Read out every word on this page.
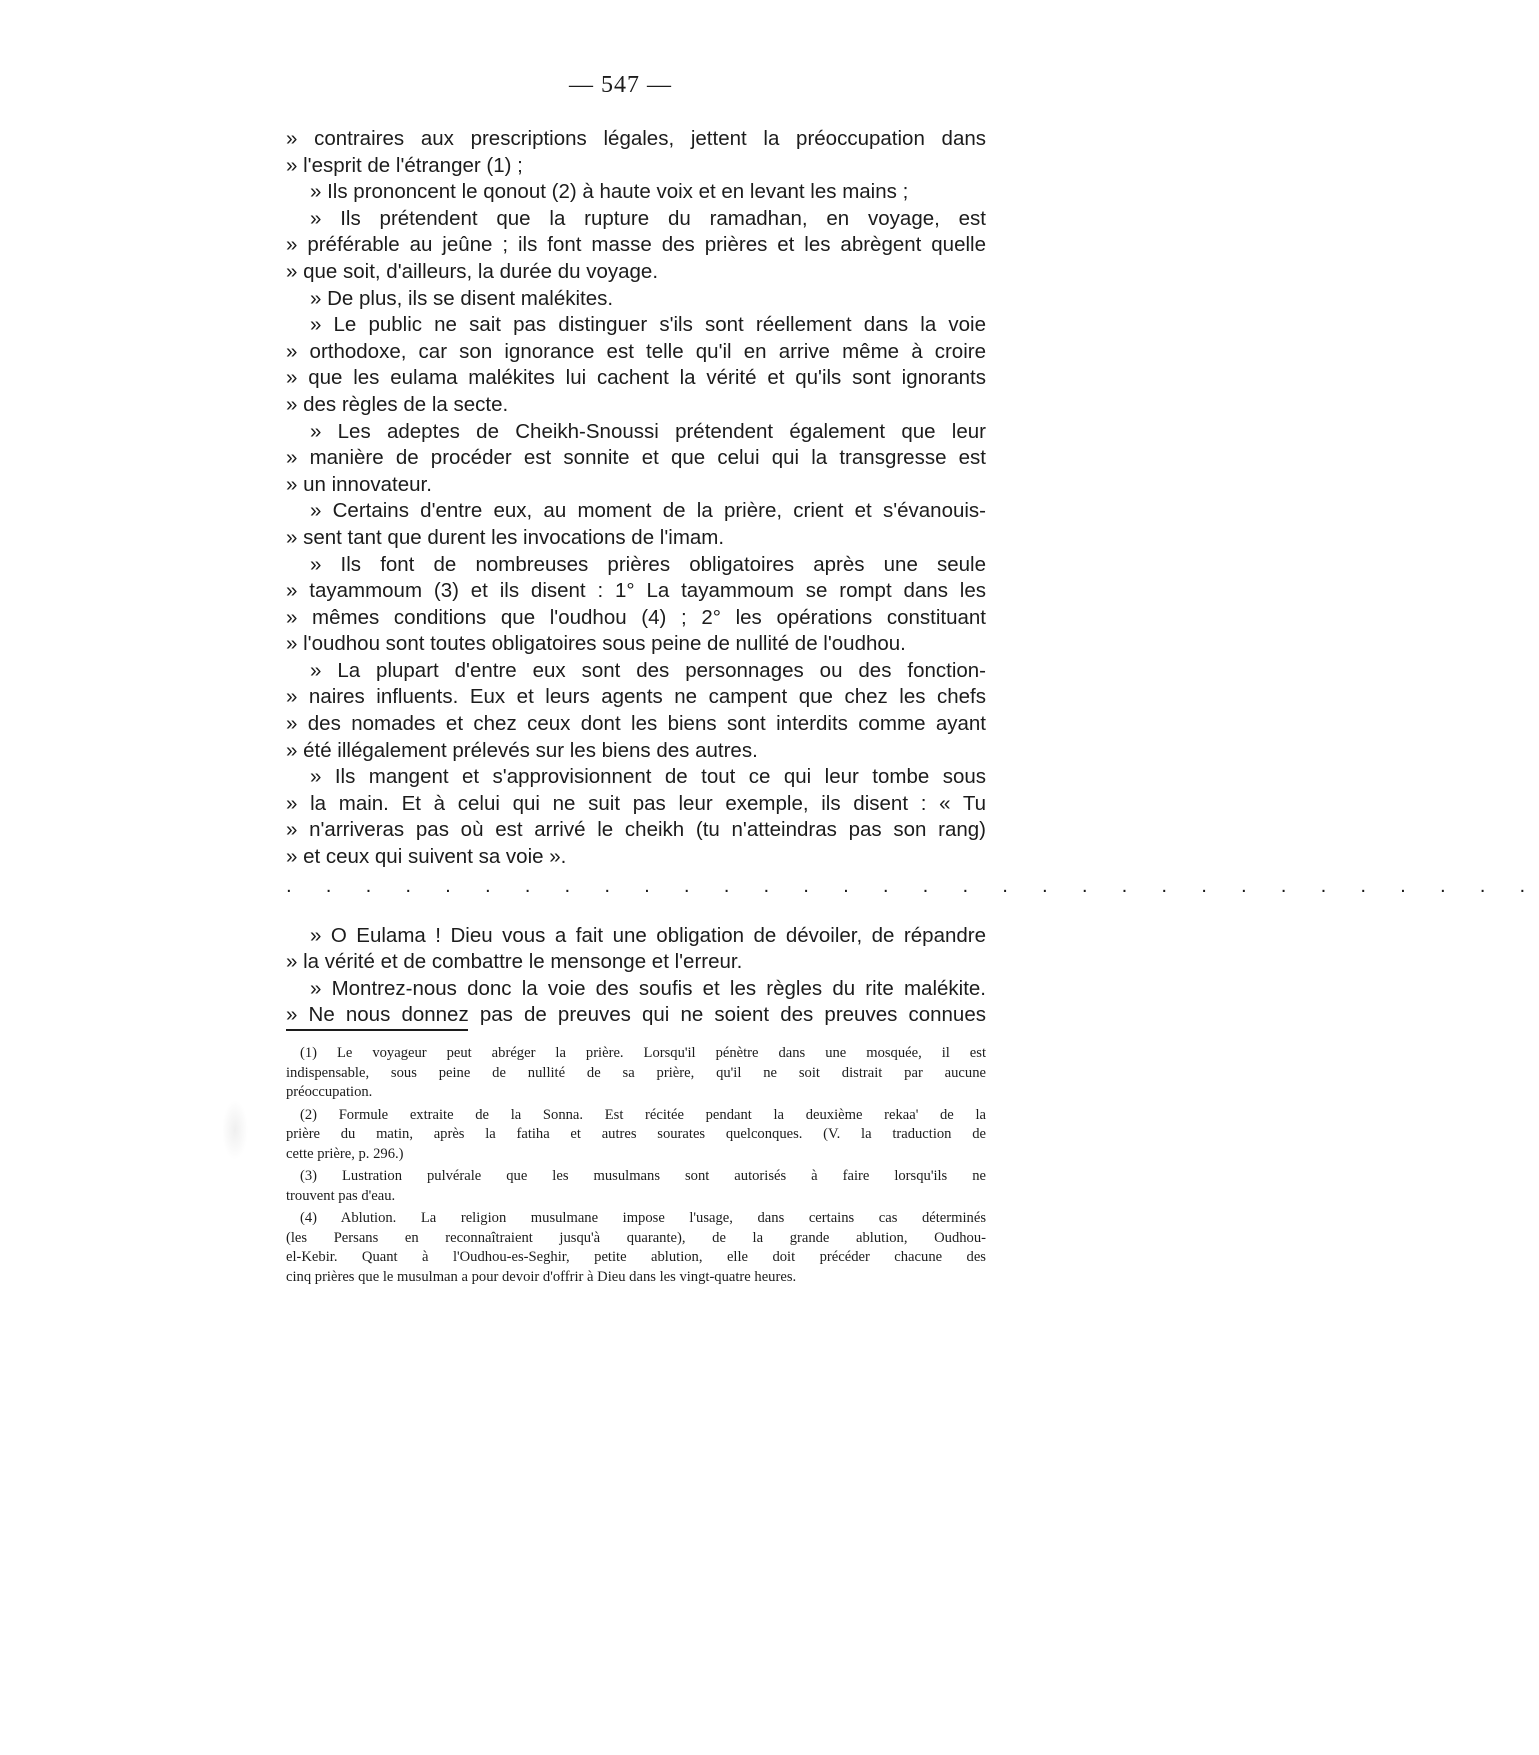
— 547 —
» contraires aux prescriptions légales, jettent la préoccupation dans
» l'esprit de l'étranger (1) ;
» Ils prononcent le qonout (2) à haute voix et en levant les mains ;
» Ils prétendent que la rupture du ramadhan, en voyage, est
» préférable au jeûne ; ils font masse des prières et les abrègent quelle
» que soit, d'ailleurs, la durée du voyage.
» De plus, ils se disent malékites.
» Le public ne sait pas distinguer s'ils sont réellement dans la voie
» orthodoxe, car son ignorance est telle qu'il en arrive même à croire
» que les eulama malékites lui cachent la vérité et qu'ils sont ignorants
» des règles de la secte.
» Les adeptes de Cheikh-Snoussi prétendent également que leur
» manière de procéder est sonnite et que celui qui la transgresse est
» un innovateur.
» Certains d'entre eux, au moment de la prière, crient et s'évanouis-
» sent tant que durent les invocations de l'imam.
» Ils font de nombreuses prières obligatoires après une seule
» tayammoum (3) et ils disent : 1° La tayammoum se rompt dans les
» mêmes conditions que l'oudhou (4) ; 2° les opérations constituant
» l'oudhou sont toutes obligatoires sous peine de nullité de l'oudhou.
» La plupart d'entre eux sont des personnages ou des fonction-
» naires influents. Eux et leurs agents ne campent que chez les chefs
» des nomades et chez ceux dont les biens sont interdits comme ayant
» été illégalement prélevés sur les biens des autres.
» Ils mangent et s'approvisionnent de tout ce qui leur tombe sous
» la main. Et à celui qui ne suit pas leur exemple, ils disent : « Tu
» n'arriveras pas où est arrivé le cheikh (tu n'atteindras pas son rang)
» et ceux qui suivent sa voie ».
. . . . . . . . . . . . . . . . . . . . . . . . . . . . . . . .
» O Eulama ! Dieu vous a fait une obligation de dévoiler, de répandre
» la vérité et de combattre le mensonge et l'erreur.
» Montrez-nous donc la voie des soufis et les règles du rite malékite.
» Ne nous donnez pas de preuves qui ne soient des preuves connues
(1) Le voyageur peut abréger la prière. Lorsqu'il pénètre dans une mosquée, il est
indispensable, sous peine de nullité de sa prière, qu'il ne soit distrait par aucune
préoccupation.
(2) Formule extraite de la Sonna. Est récitée pendant la deuxième rekaa' de la
prière du matin, après la fatiha et autres sourates quelconques. (V. la traduction de
cette prière, p. 296.)
(3) Lustration pulvérale que les musulmans sont autorisés à faire lorsqu'ils ne
trouvent pas d'eau.
(4) Ablution. La religion musulmane impose l'usage, dans certains cas déterminés
(les Persans en reconnaîtraient jusqu'à quarante), de la grande ablution, Oudhou-
el-Kebir. Quant à l'Oudhou-es-Seghir, petite ablution, elle doit précéder chacune des
cinq prières que le musulman a pour devoir d'offrir à Dieu dans les vingt-quatre heures.
